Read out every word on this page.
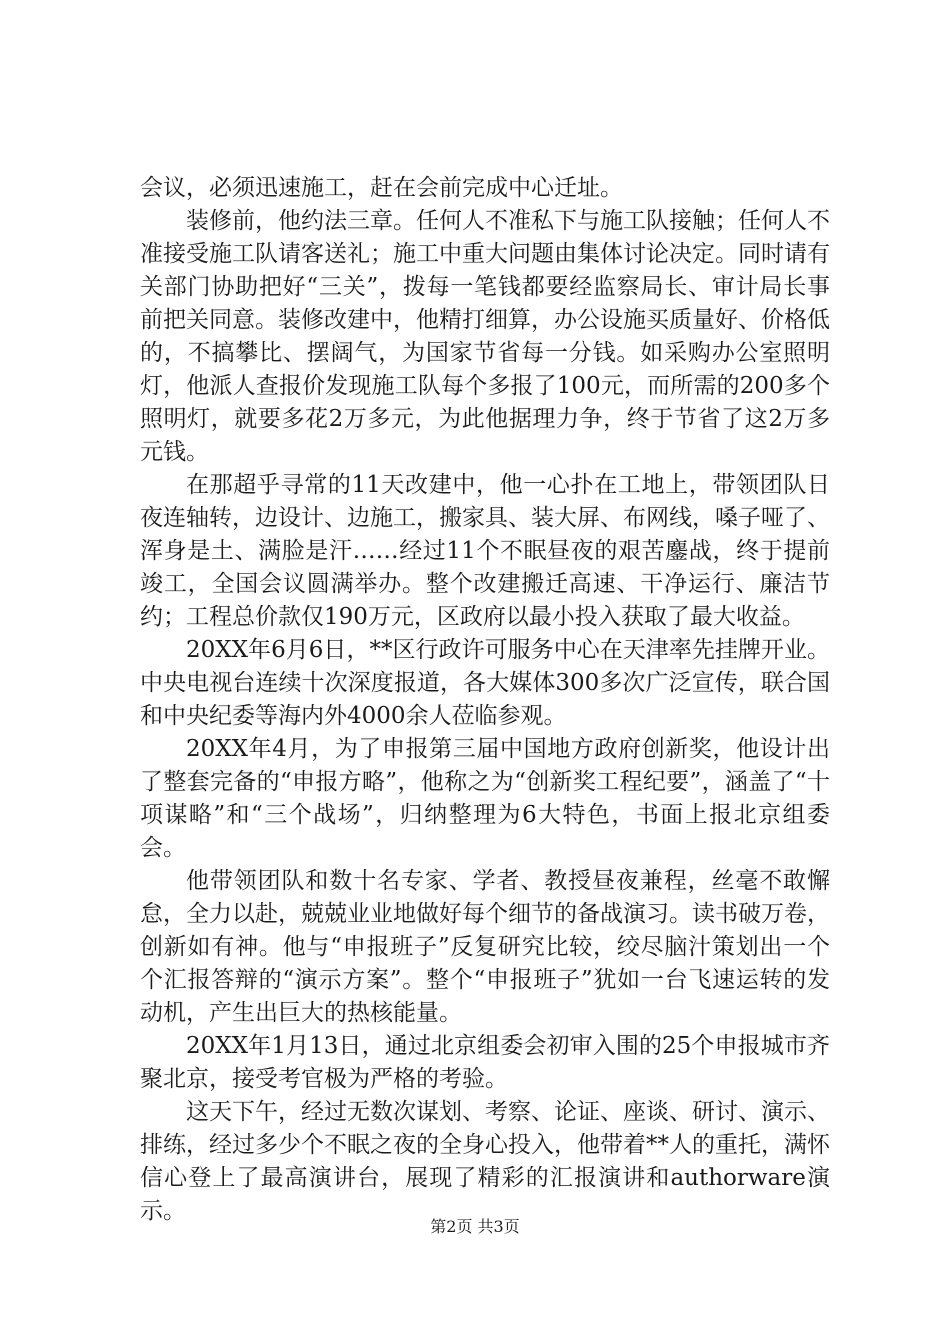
会议，必须迅速施工，赶在会前完成中心迁址。

装修前，他约法三章。任何人不准私下与施工队接触；任何人不准接受施工队请客送礼；施工中重大问题由集体讨论决定。同时请有关部门协助把好“三关”，拨每一笔钱都要经监察局长、审计局长事前把关同意。装修改建中，他精打细算，办公设施买质量好、价格低的，不搞攀比、摆阔气，为国家节省每一分钱。如采购办公室照明灯，他派人查报价发现施工队每个多报了100元，而所需的200多个照明灯，就要多花2万多元，为此他据理力争，终于节省了这2万多元钱。

在那超乎寻常的11天改建中，他一心扑在工地上，带领团队日夜连轴转，边设计、边施工，搬家具、装大屏、布网线，嗓子哑了、浑身是土、满脸是汗……经过11个不眠昼夜的艰苦鏖战，终于提前竣工，全国会议圆满举办。整个改建搬迁高速、干净运行、廉洁节约；工程总价款仅190万元，区政府以最小投入获取了最大收益。

20XX年6月6日，**区行政许可服务中心在天津率先挂牌开业。中央电视台连续十次深度报道，各大媒体300多次广泛宣传，联合国和中央纪委等海内外4000余人莅临参观。

20XX年4月，为了申报第三届中国地方政府创新奖，他设计出了整套完备的“申报方略”，他称之为“创新奖工程纪要”，涵盖了“十项谋略”和“三个战场”，归纳整理为6大特色，书面上报北京组委会。

他带领团队和数十名专家、学者、教授昼夜兼程，丝毫不敢懈怠，全力以赴，兢兢业业地做好每个细节的备战演习。读书破万卷，创新如有神。他与“申报班子”反复研究比较，绞尽脑汁策划出一个个汇报答辩的“演示方案”。整个“申报班子”犹如一台飞速运转的发动机，产生出巨大的热核能量。

20XX年1月13日，通过北京组委会初审入围的25个申报城市齐聚北京，接受考官极为严格的考验。

这天下午，经过无数次谋划、考察、论证、座谈、研讨、演示、排练，经过多少个不眠之夜的全身心投入，他带着**人的重托，满怀信心登上了最高演讲台，展现了精彩的汇报演讲和authorware演示。

第2页 共3页
